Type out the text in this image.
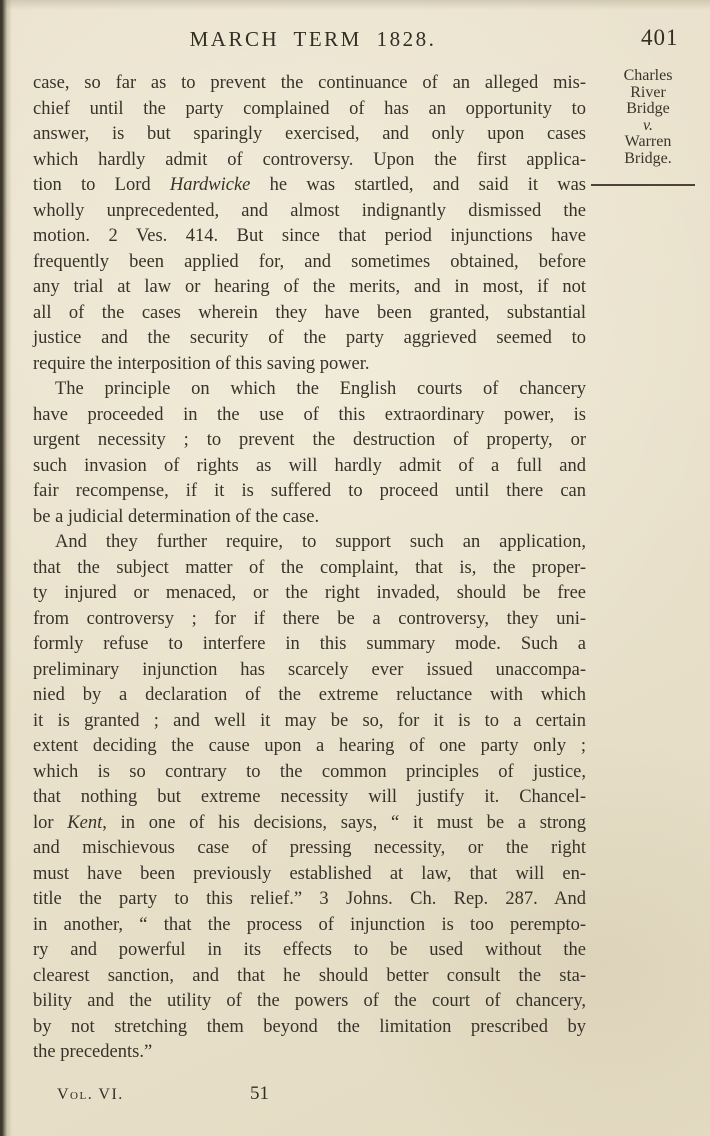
MARCH TERM 1828.	401
Charles
River
Bridge
v.
Warren
Bridge.
case, so far as to prevent the continuance of an alleged mis-
chief until the party complained of has an opportunity to
answer, is but sparingly exercised, and only upon cases
which hardly admit of controversy. Upon the first applica-
tion to Lord Hardwicke he was startled, and said it was
wholly unprecedented, and almost indignantly dismissed the
motion. 2 Ves. 414. But since that period injunctions have
frequently been applied for, and sometimes obtained, before
any trial at law or hearing of the merits, and in most, if not
all of the cases wherein they have been granted, substantial
justice and the security of the party aggrieved seemed to
require the interposition of this saving power.
The principle on which the English courts of chancery
have proceeded in the use of this extraordinary power, is
urgent necessity ; to prevent the destruction of property, or
such invasion of rights as will hardly admit of a full and
fair recompense, if it is suffered to proceed until there can
be a judicial determination of the case.
And they further require, to support such an application,
that the subject matter of the complaint, that is, the proper-
ty injured or menaced, or the right invaded, should be free
from controversy ; for if there be a controversy, they uni-
formly refuse to interfere in this summary mode. Such a
preliminary injunction has scarcely ever issued unaccompa-
nied by a declaration of the extreme reluctance with which
it is granted ; and well it may be so, for it is to a certain
extent deciding the cause upon a hearing of one party only ;
which is so contrary to the common principles of justice,
that nothing but extreme necessity will justify it. Chancel-
lor Kent, in one of his decisions, says, “ it must be a strong
and mischievous case of pressing necessity, or the right
must have been previously established at law, that will en-
title the party to this relief.” 3 Johns. Ch. Rep. 287. And
in another, “ that the process of injunction is too perempto-
ry and powerful in its effects to be used without the
clearest sanction, and that he should better consult the sta-
bility and the utility of the powers of the court of chancery,
by not stretching them beyond the limitation prescribed by
the precedents.”
Vol. VI.	51
